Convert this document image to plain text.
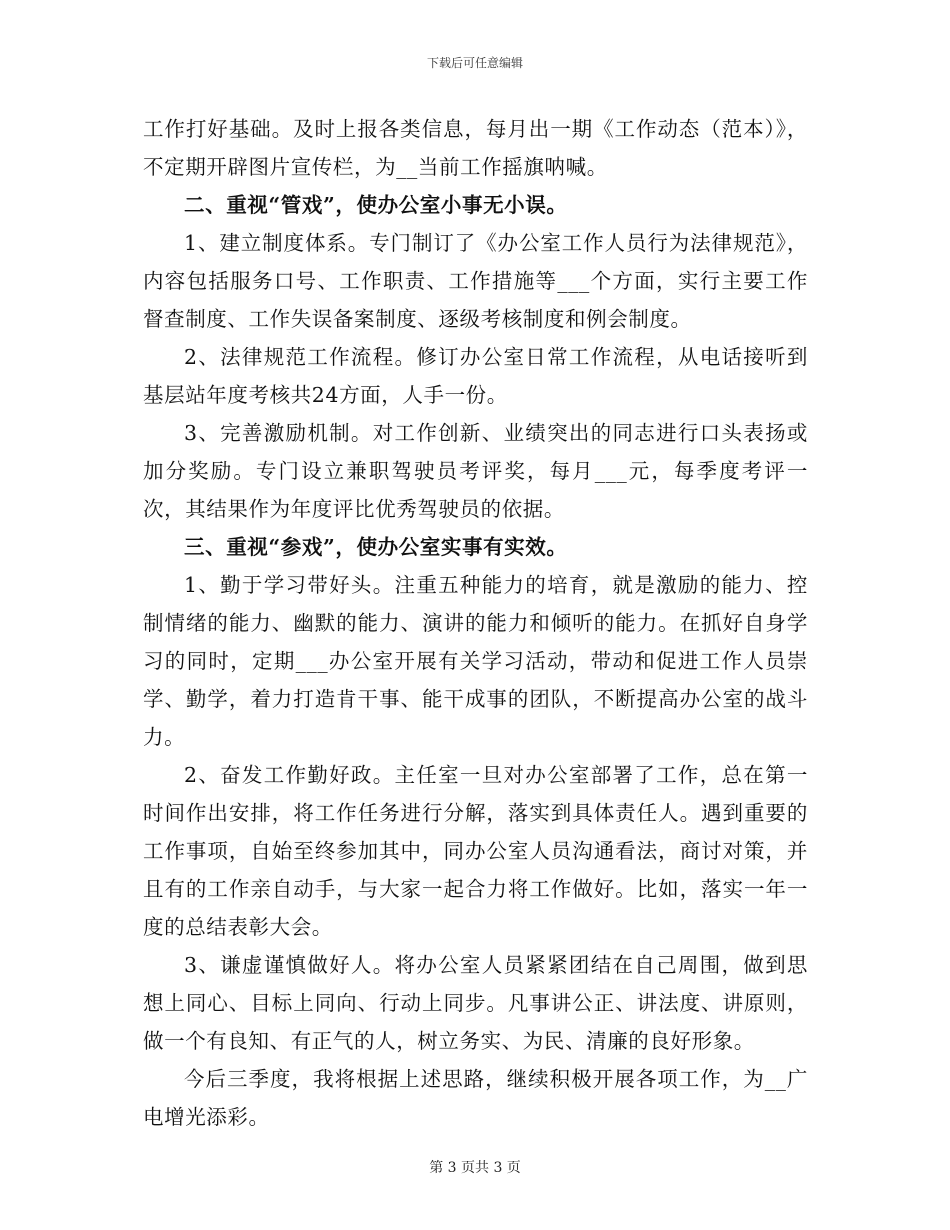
下载后可任意编辑

工作打好基础。及时上报各类信息，每月出一期《工作动态（范本）》，不定期开辟图片宣传栏，为__当前工作摇旗呐喊。

二、重视“管戏”，使办公室小事无小误。

1、建立制度体系。专门制订了《办公室工作人员行为法律规范》，内容包括服务口号、工作职责、工作措施等___个方面，实行主要工作督查制度、工作失误备案制度、逐级考核制度和例会制度。

2、法律规范工作流程。修订办公室日常工作流程，从电话接听到基层站年度考核共24方面，人手一份。

3、完善激励机制。对工作创新、业绩突出的同志进行口头表扬或加分奖励。专门设立兼职驾驶员考评奖，每月___元，每季度考评一次，其结果作为年度评比优秀驾驶员的依据。

三、重视“参戏”，使办公室实事有实效。

1、勤于学习带好头。注重五种能力的培育，就是激励的能力、控制情绪的能力、幽默的能力、演讲的能力和倾听的能力。在抓好自身学习的同时，定期___办公室开展有关学习活动，带动和促进工作人员崇学、勤学，着力打造肯干事、能干成事的团队，不断提高办公室的战斗力。

2、奋发工作勤好政。主任室一旦对办公室部署了工作，总在第一时间作出安排，将工作任务进行分解，落实到具体责任人。遇到重要的工作事项，自始至终参加其中，同办公室人员沟通看法，商讨对策，并且有的工作亲自动手，与大家一起合力将工作做好。比如，落实一年一度的总结表彰大会。

3、谦虚谨慎做好人。将办公室人员紧紧团结在自己周围，做到思想上同心、目标上同向、行动上同步。凡事讲公正、讲法度、讲原则，做一个有良知、有正气的人，树立务实、为民、清廉的良好形象。

今后三季度，我将根据上述思路，继续积极开展各项工作，为__广电增光添彩。

第 3 页共 3 页
